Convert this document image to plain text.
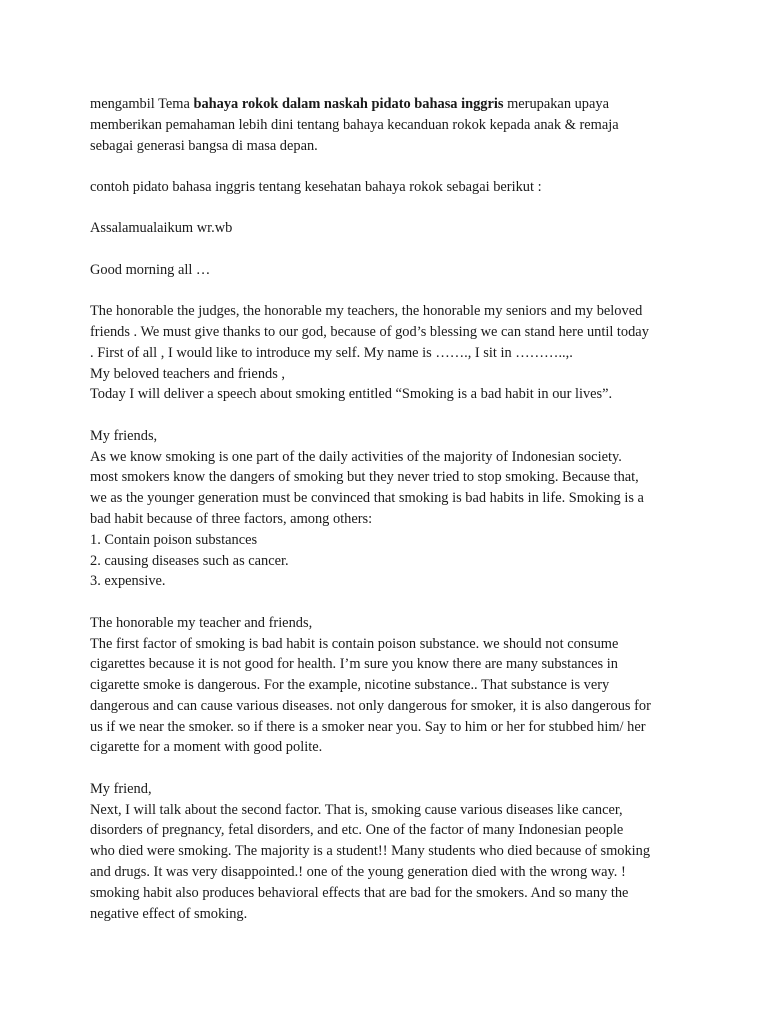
mengambil Tema bahaya rokok dalam naskah pidato bahasa inggris merupakan upaya
memberikan pemahaman lebih dini tentang bahaya kecanduan rokok kepada anak & remaja
sebagai generasi bangsa di masa depan.

contoh pidato bahasa inggris tentang kesehatan bahaya rokok sebagai berikut :

Assalamualaikum wr.wb

Good morning all …

The honorable the judges, the honorable my teachers, the honorable my seniors and my beloved
friends . We must give thanks to our god, because of god’s blessing we can stand here until today
. First of all , I would like to introduce my self. My name is ……., I sit in ………..,.
My beloved teachers and friends ,
Today I will deliver a speech about smoking entitled “Smoking is a bad habit in our lives”.

My friends,
As we know smoking is one part of the daily activities of the majority of Indonesian society.
most smokers know the dangers of smoking but they never tried to stop smoking. Because that,
we as the younger generation must be convinced that smoking is bad habits in life. Smoking is a
bad habit because of three factors, among others:
1. Contain poison substances
2. causing diseases such as cancer.
3. expensive.

The honorable my teacher and friends,
The first factor of smoking is bad habit is contain poison substance. we should not consume
cigarettes because it is not good for health. I’m sure you know there are many substances in
cigarette smoke is dangerous. For the example, nicotine substance.. That substance is very
dangerous and can cause various diseases. not only dangerous for smoker, it is also dangerous for
us if we near the smoker. so if there is a smoker near you. Say to him or her for stubbed him/ her
cigarette for a moment with good polite.

My friend,
Next, I will talk about the second factor. That is, smoking cause various diseases like cancer,
disorders of pregnancy, fetal disorders, and etc. One of the factor of many Indonesian people
who died were smoking. The majority is a student!! Many students who died because of smoking
and drugs. It was very disappointed.! one of the young generation died with the wrong way. !
smoking habit also produces behavioral effects that are bad for the smokers. And so many the
negative effect of smoking.
